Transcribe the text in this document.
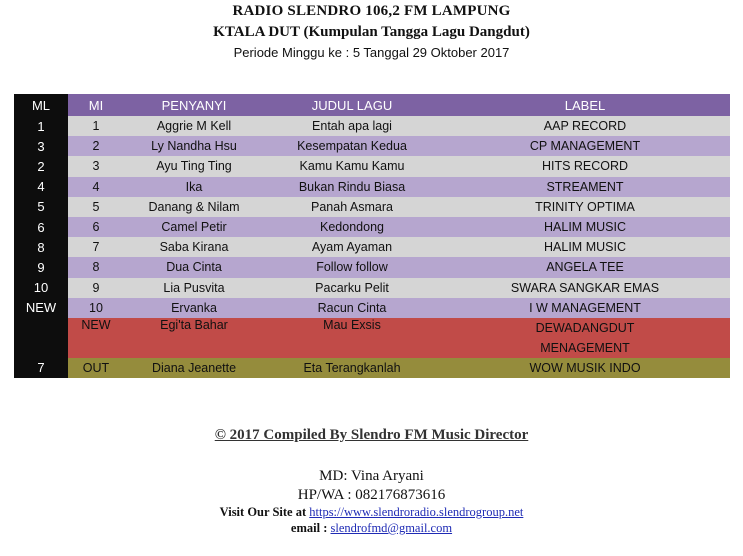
RADIO SLENDRO 106,2 FM LAMPUNG
KTALA DUT (Kumpulan Tangga Lagu Dangdut)
Periode Minggu ke : 5 Tanggal 29 Oktober 2017
ML	MI	PENYANYI	JUDUL LAGU	LABEL
1	1	Aggrie M Kell	Entah apa lagi	AAP RECORD
3	2	Ly Nandha Hsu	Kesempatan Kedua	CP MANAGEMENT
2	3	Ayu Ting Ting	Kamu Kamu Kamu	HITS RECORD
4	4	Ika	Bukan Rindu Biasa	STREAMENT
5	5	Danang & Nilam	Panah Asmara	TRINITY OPTIMA
6	6	Camel Petir	Kedondong	HALIM MUSIC
8	7	Saba Kirana	Ayam Ayaman	HALIM MUSIC
9	8	Dua Cinta	Follow follow	ANGELA TEE
10	9	Lia Pusvita	Pacarku Pelit	SWARA SANGKAR EMAS
NEW	10	Ervanka	Racun Cinta	I W MANAGEMENT
	NEW	Egi'ta Bahar	Mau Exsis	DEWADANGDUT MENAGEMENT
7	OUT	Diana Jeanette	Eta Terangkanlah	WOW MUSIK INDO
© 2017 Compiled By Slendro FM Music Director
MD: Vina Aryani
HP/WA : 082176873616
Visit Our Site at https://www.slendroradio.slendrogroup.net
email : slendrofmd@gmail.com
